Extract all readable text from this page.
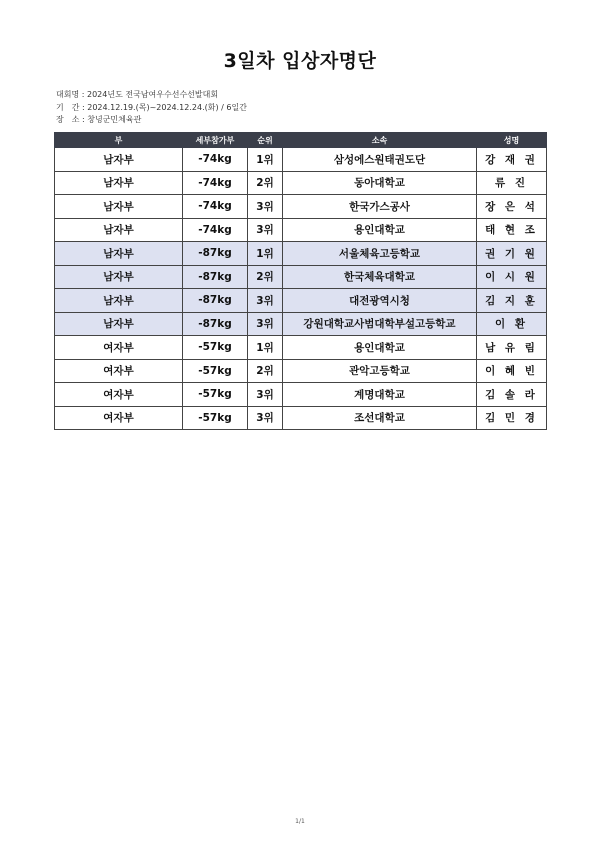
3일차 입상자명단
대회명 : 2024년도 전국남여우수선수선발대회
기　간 : 2024.12.19.(목)~2024.12.24.(화) / 6일간
장　소 : 창녕군민체육관
부	세부참가부	순위	소속	성명
남자부	-74kg	1위	삼성에스원태권도단	강 재 권
남자부	-74kg	2위	동아대학교	류 진
남자부	-74kg	3위	한국가스공사	장 은 석
남자부	-74kg	3위	용인대학교	태 현 조
남자부	-87kg	1위	서울체육고등학교	권 기 원
남자부	-87kg	2위	한국체육대학교	이 시 원
남자부	-87kg	3위	대전광역시청	김 지 훈
남자부	-87kg	3위	강원대학교사범대학부설고등학교	이 환
여자부	-57kg	1위	용인대학교	남 유 림
여자부	-57kg	2위	관악고등학교	이 혜 빈
여자부	-57kg	3위	계명대학교	김 솔 라
여자부	-57kg	3위	조선대학교	김 민 경
1/1
